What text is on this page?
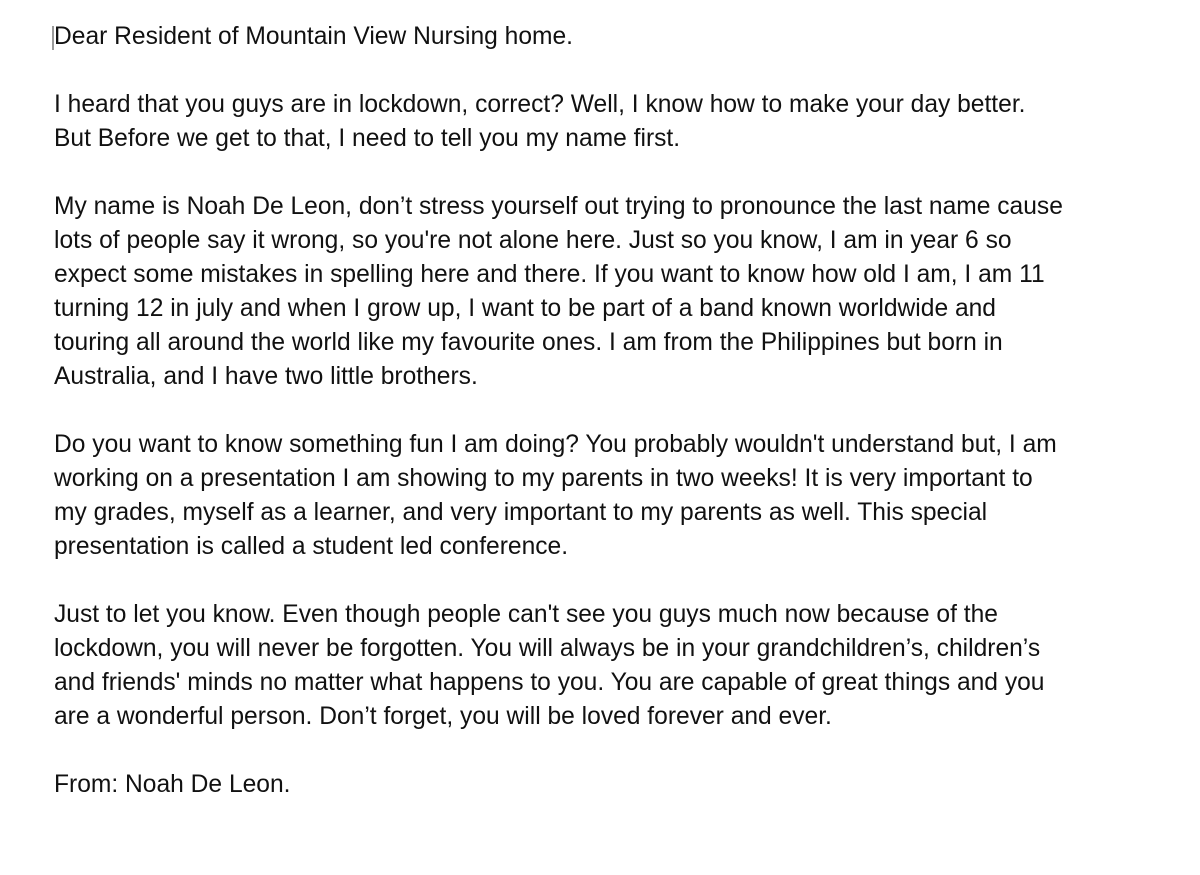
Dear Resident of Mountain View Nursing home.

I heard that you guys are in lockdown, correct? Well, I know how to make your day better.
But Before we get to that, I need to tell you my name first.

My name is Noah De Leon, don’t stress yourself out trying to pronounce the last name cause
lots of people say it wrong, so you're not alone here. Just so you know, I am in year 6 so
expect some mistakes in spelling here and there. If you want to know how old I am, I am 11
turning 12 in july and when I grow up, I want to be part of a band known worldwide and
touring all around the world like my favourite ones. I am from the Philippines but born in
Australia, and I have two little brothers.

Do you want to know something fun I am doing? You probably wouldn't understand but, I am
working on a presentation I am showing to my parents in two weeks! It is very important to
my grades, myself as a learner, and very important to my parents as well. This special
presentation is called a student led conference.

Just to let you know. Even though people can't see you guys much now because of the
lockdown, you will never be forgotten. You will always be in your grandchildren’s, children’s
and friends' minds no matter what happens to you. You are capable of great things and you
are a wonderful person. Don’t forget, you will be loved forever and ever.

From: Noah De Leon.
